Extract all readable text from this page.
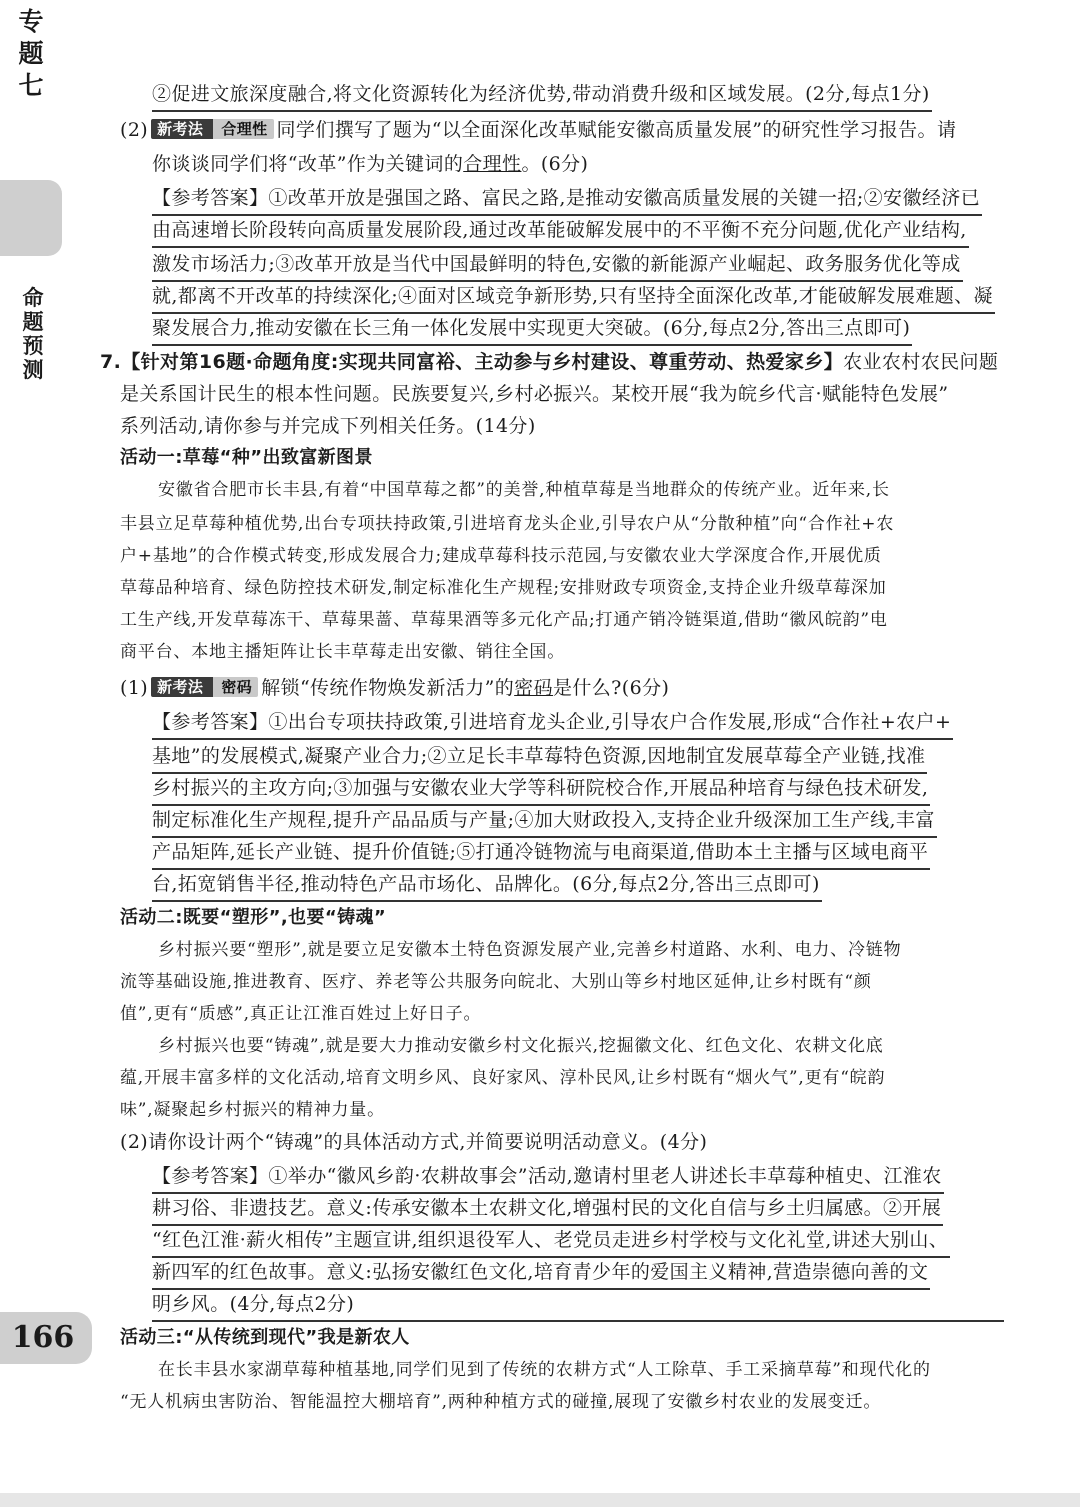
专题七
命题预测
166
②促进文旅深度融合,将文化资源转化为经济优势,带动消费升级和区域发展。(2分,每点1分)
(2) 新考法 合理性 同学们撰写了题为“以全面深化改革赋能安徽高质量发展”的研究性学习报告。请
你谈谈同学们将“改革”作为关键词的合理性。(6分)
【参考答案】①改革开放是强国之路、富民之路,是推动安徽高质量发展的关键一招;②安徽经济已
由高速增长阶段转向高质量发展阶段,通过改革能破解发展中的不平衡不充分问题,优化产业结构,
激发市场活力;③改革开放是当代中国最鲜明的特色,安徽的新能源产业崛起、政务服务优化等成
就,都离不开改革的持续深化;④面对区域竞争新形势,只有坚持全面深化改革,才能破解发展难题、凝
聚发展合力,推动安徽在长三角一体化发展中实现更大突破。(6分,每点2分,答出三点即可)
7.【针对第16题·命题角度:实现共同富裕、主动参与乡村建设、尊重劳动、热爱家乡】农业农村农民问题
是关系国计民生的根本性问题。民族要复兴,乡村必振兴。某校开展“我为皖乡代言·赋能特色发展”
系列活动,请你参与并完成下列相关任务。(14分)
活动一:草莓“种”出致富新图景
安徽省合肥市长丰县,有着“中国草莓之都”的美誉,种植草莓是当地群众的传统产业。近年来,长
丰县立足草莓种植优势,出台专项扶持政策,引进培育龙头企业,引导农户从“分散种植”向“合作社+农
户+基地”的合作模式转变,形成发展合力;建成草莓科技示范园,与安徽农业大学深度合作,开展优质
草莓品种培育、绿色防控技术研发,制定标准化生产规程;安排财政专项资金,支持企业升级草莓深加
工生产线,开发草莓冻干、草莓果蔷、草莓果酒等多元化产品;打通产销冷链渠道,借助“徽风皖韵”电
商平台、本地主播矩阵让长丰草莓走出安徽、销往全国。
(1) 新考法 密码 解锁“传统作物焕发新活力”的密码是什么?(6分)
【参考答案】①出台专项扶持政策,引进培育龙头企业,引导农户合作发展,形成“合作社+农户+
基地”的发展模式,凝聚产业合力;②立足长丰草莓特色资源,因地制宜发展草莓全产业链,找准
乡村振兴的主攻方向;③加强与安徽农业大学等科研院校合作,开展品种培育与绿色技术研发,
制定标准化生产规程,提升产品品质与产量;④加大财政投入,支持企业升级深加工生产线,丰富
产品矩阵,延长产业链、提升价值链;⑤打通冷链物流与电商渠道,借助本土主播与区域电商平
台,拓宽销售半径,推动特色产品市场化、品牌化。(6分,每点2分,答出三点即可)
活动二:既要“塑形”,也要“铸魂”
乡村振兴要“塑形”,就是要立足安徽本土特色资源发展产业,完善乡村道路、水利、电力、冷链物
流等基础设施,推进教育、医疗、养老等公共服务向皖北、大别山等乡村地区延伸,让乡村既有“颜
值”,更有“质感”,真正让江淮百姓过上好日子。
乡村振兴也要“铸魂”,就是要大力推动安徽乡村文化振兴,挖掘徽文化、红色文化、农耕文化底
蕴,开展丰富多样的文化活动,培育文明乡风、良好家风、淳朴民风,让乡村既有“烟火气”,更有“皖韵
味”,凝聚起乡村振兴的精神力量。
(2)请你设计两个“铸魂”的具体活动方式,并简要说明活动意义。(4分)
【参考答案】①举办“徽风乡韵·农耕故事会”活动,邀请村里老人讲述长丰草莓种植史、江淮农
耕习俗、非遗技艺。意义:传承安徽本土农耕文化,增强村民的文化自信与乡土归属感。②开展
“红色江淮·薪火相传”主题宣讲,组织退役军人、老党员走进乡村学校与文化礼堂,讲述大别山、
新四军的红色故事。意义:弘扬安徽红色文化,培育青少年的爱国主义精神,营造崇德向善的文
明乡风。(4分,每点2分)
活动三:“从传统到现代”我是新农人
在长丰县水家湖草莓种植基地,同学们见到了传统的农耕方式“人工除草、手工采摘草莓”和现代化的
“无人机病虫害防治、智能温控大棚培育”,两种种植方式的碰撞,展现了安徽乡村农业的发展变迁。
